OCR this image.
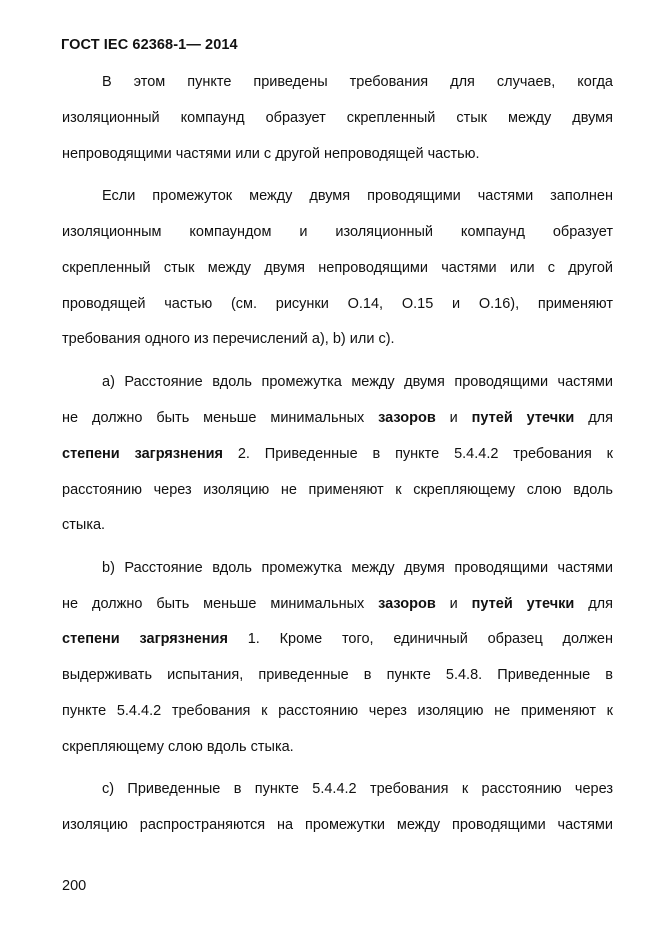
ГОСТ IEC 62368-1— 2014
В этом пункте приведены требования для случаев, когда
изоляционный компаунд образует скрепленный стык между двумя
непроводящими частями или с другой непроводящей частью.
Если промежуток между двумя проводящими частями заполнен
изоляционным компаундом и изоляционный компаунд образует
скрепленный стык между двумя непроводящими частями или с другой
проводящей частью (см. рисунки О.14, О.15 и О.16), применяют
требования одного из перечислений а), b) или с).
а) Расстояние вдоль промежутка между двумя проводящими частями
не должно быть меньше минимальных зазоров и путей утечки для
степени загрязнения 2. Приведенные в пункте 5.4.4.2 требования к
расстоянию через изоляцию не применяют к скрепляющему слою вдоль
стыка.
b) Расстояние вдоль промежутка между двумя проводящими частями
не должно быть меньше минимальных зазоров и путей утечки для
степени загрязнения 1. Кроме того, единичный образец должен
выдерживать испытания, приведенные в пункте 5.4.8. Приведенные в
пункте 5.4.4.2 требования к расстоянию через изоляцию не применяют к
скрепляющему слою вдоль стыка.
с) Приведенные в пункте 5.4.4.2 требования к расстоянию через
изоляцию распространяются на промежутки между проводящими частями
200
